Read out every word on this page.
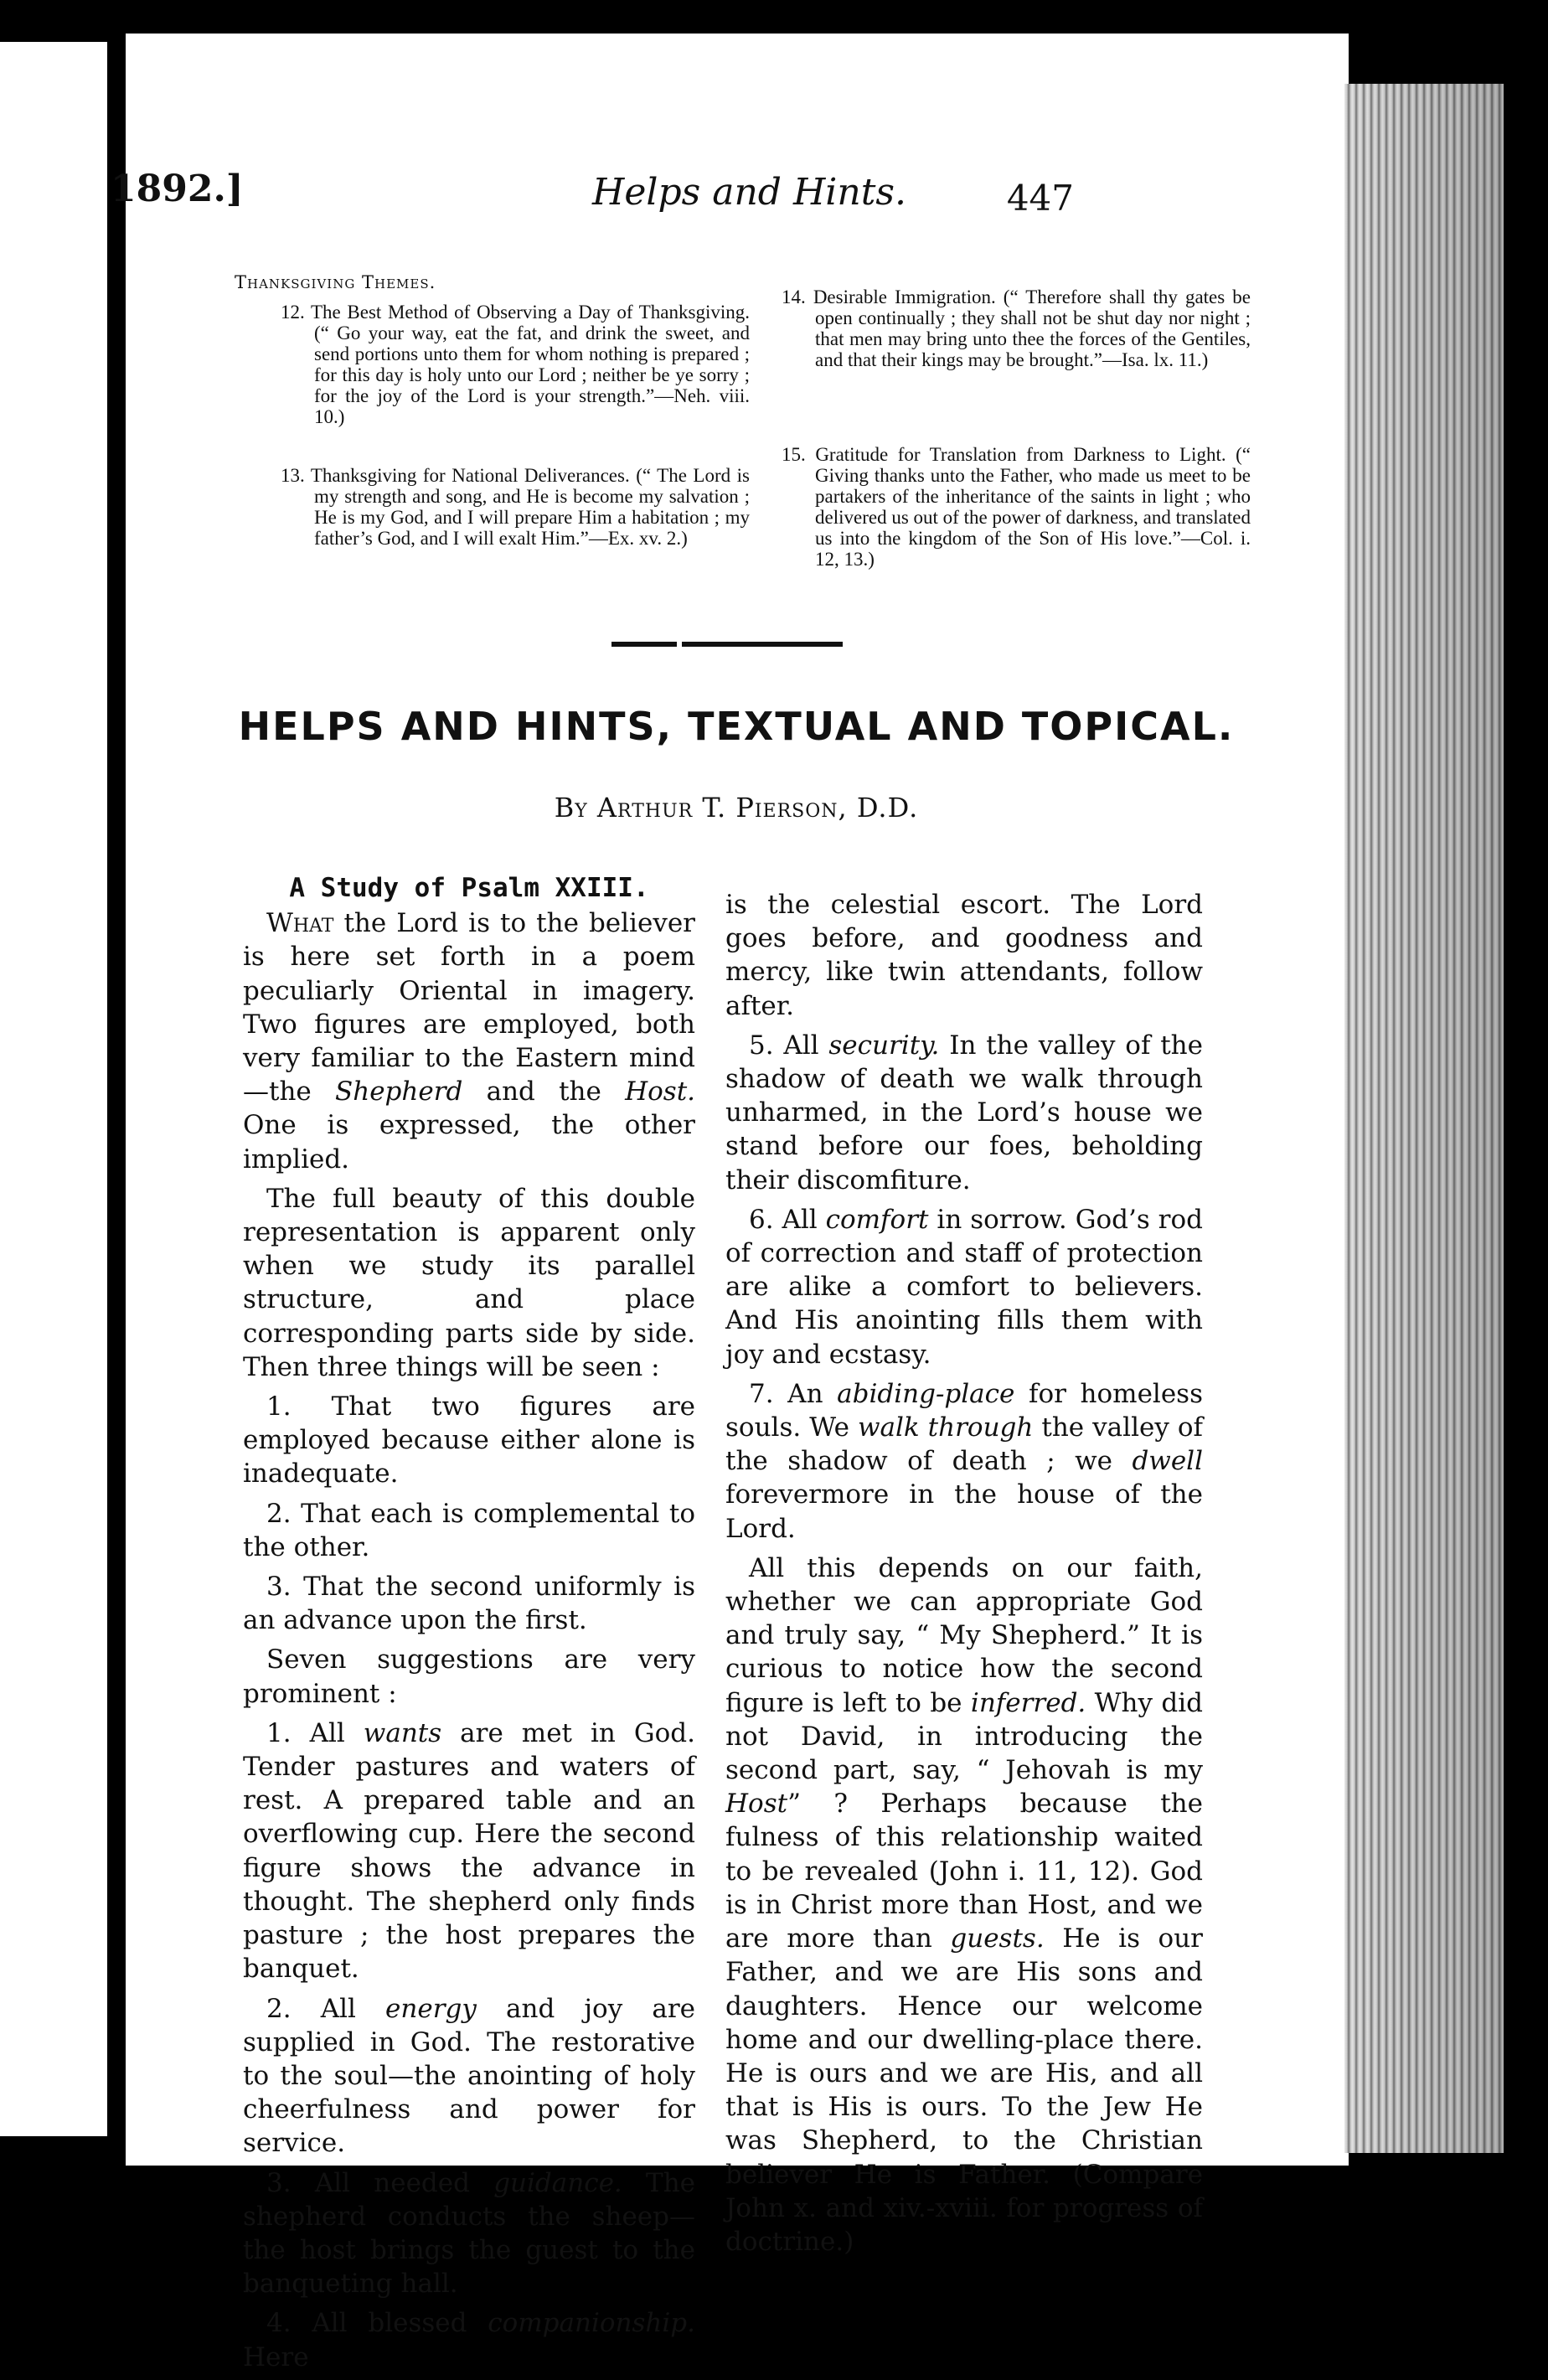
1892.]	Helps and Hints.	447
Thanksgiving Themes.
12. The Best Method of Observing a Day of Thanksgiving. (“ Go your way, eat the fat, and drink the sweet, and send portions unto them for whom nothing is prepared ; for this day is holy unto our Lord ; neither be ye sorry ; for the joy of the Lord is your strength.”—Neh. viii. 10.)
13. Thanksgiving for National Deliverances. (“ The Lord is my strength and song, and He is become my salvation ; He is my God, and I will prepare Him a habitation ; my father’s God, and I will exalt Him.”—Ex. xv. 2.)
14. Desirable Immigration. (“ Therefore shall thy gates be open continually ; they shall not be shut day nor night ; that men may bring unto thee the forces of the Gentiles, and that their kings may be brought.”—Isa. lx. 11.)
15. Gratitude for Translation from Darkness to Light. (“ Giving thanks unto the Father, who made us meet to be partakers of the inheritance of the saints in light ; who delivered us out of the power of darkness, and translated us into the kingdom of the Son of His love.”—Col. i. 12, 13.)
HELPS AND HINTS, TEXTUAL AND TOPICAL.
By Arthur T. Pierson, D.D.
A Study of Psalm XXIII.

What the Lord is to the believer is here set forth in a poem peculiarly Oriental in imagery. Two figures are employed, both very familiar to the Eastern mind—the Shepherd and the Host. One is expressed, the other implied.

The full beauty of this double representation is apparent only when we study its parallel structure, and place corresponding parts side by side. Then three things will be seen :

1. That two figures are employed because either alone is inadequate.

2. That each is complemental to the other.

3. That the second uniformly is an advance upon the first.

Seven suggestions are very prominent :

1. All wants are met in God. Tender pastures and waters of rest. A prepared table and an overflowing cup. Here the second figure shows the advance in thought. The shepherd only finds pasture ; the host prepares the banquet.

2. All energy and joy are supplied in God. The restorative to the soul—the anointing of holy cheerfulness and power for service.

3. All needed guidance. The shepherd conducts the sheep—the host brings the guest to the banqueting hall.

4. All blessed companionship. Here

is the celestial escort. The Lord goes before, and goodness and mercy, like twin attendants, follow after.

5. All security. In the valley of the shadow of death we walk through unharmed, in the Lord’s house we stand before our foes, beholding their discomfiture.

6. All comfort in sorrow. God’s rod of correction and staff of protection are alike a comfort to believers. And His anointing fills them with joy and ecstasy.

7. An abiding-place for homeless souls. We walk through the valley of the shadow of death ; we dwell forevermore in the house of the Lord.

All this depends on our faith, whether we can appropriate God and truly say, “ My Shepherd.” It is curious to notice how the second figure is left to be inferred. Why did not David, in introducing the second part, say, “ Jehovah is my Host” ? Perhaps because the fulness of this relationship waited to be revealed (John i. 11, 12). God is in Christ more than Host, and we are more than guests. He is our Father, and we are His sons and daughters. Hence our welcome home and our dwelling-place there. He is ours and we are His, and all that is His is ours. To the Jew He was Shepherd, to the Christian believer He is Father. (Compare John x. and xiv.-xviii. for progress of doctrine.)
